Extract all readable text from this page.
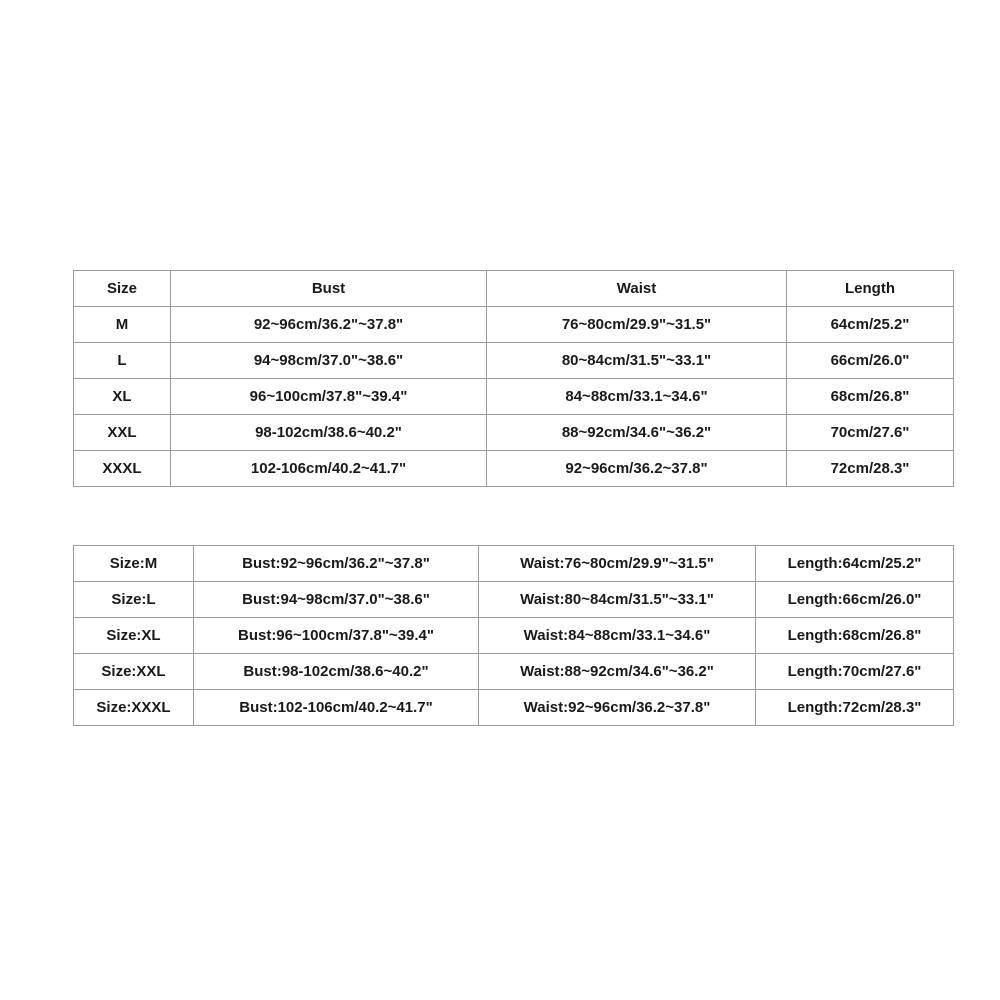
Size	Bust	Waist	Length
M	92~96cm/36.2"~37.8"	76~80cm/29.9"~31.5"	64cm/25.2"
L	94~98cm/37.0"~38.6"	80~84cm/31.5"~33.1"	66cm/26.0"
XL	96~100cm/37.8"~39.4"	84~88cm/33.1~34.6"	68cm/26.8"
XXL	98-102cm/38.6~40.2"	88~92cm/34.6"~36.2"	70cm/27.6"
XXXL	102-106cm/40.2~41.7"	92~96cm/36.2~37.8"	72cm/28.3"
Size:M	Bust:92~96cm/36.2"~37.8"	Waist:76~80cm/29.9"~31.5"	Length:64cm/25.2"
Size:L	Bust:94~98cm/37.0"~38.6"	Waist:80~84cm/31.5"~33.1"	Length:66cm/26.0"
Size:XL	Bust:96~100cm/37.8"~39.4"	Waist:84~88cm/33.1~34.6"	Length:68cm/26.8"
Size:XXL	Bust:98-102cm/38.6~40.2"	Waist:88~92cm/34.6"~36.2"	Length:70cm/27.6"
Size:XXXL	Bust:102-106cm/40.2~41.7"	Waist:92~96cm/36.2~37.8"	Length:72cm/28.3"
